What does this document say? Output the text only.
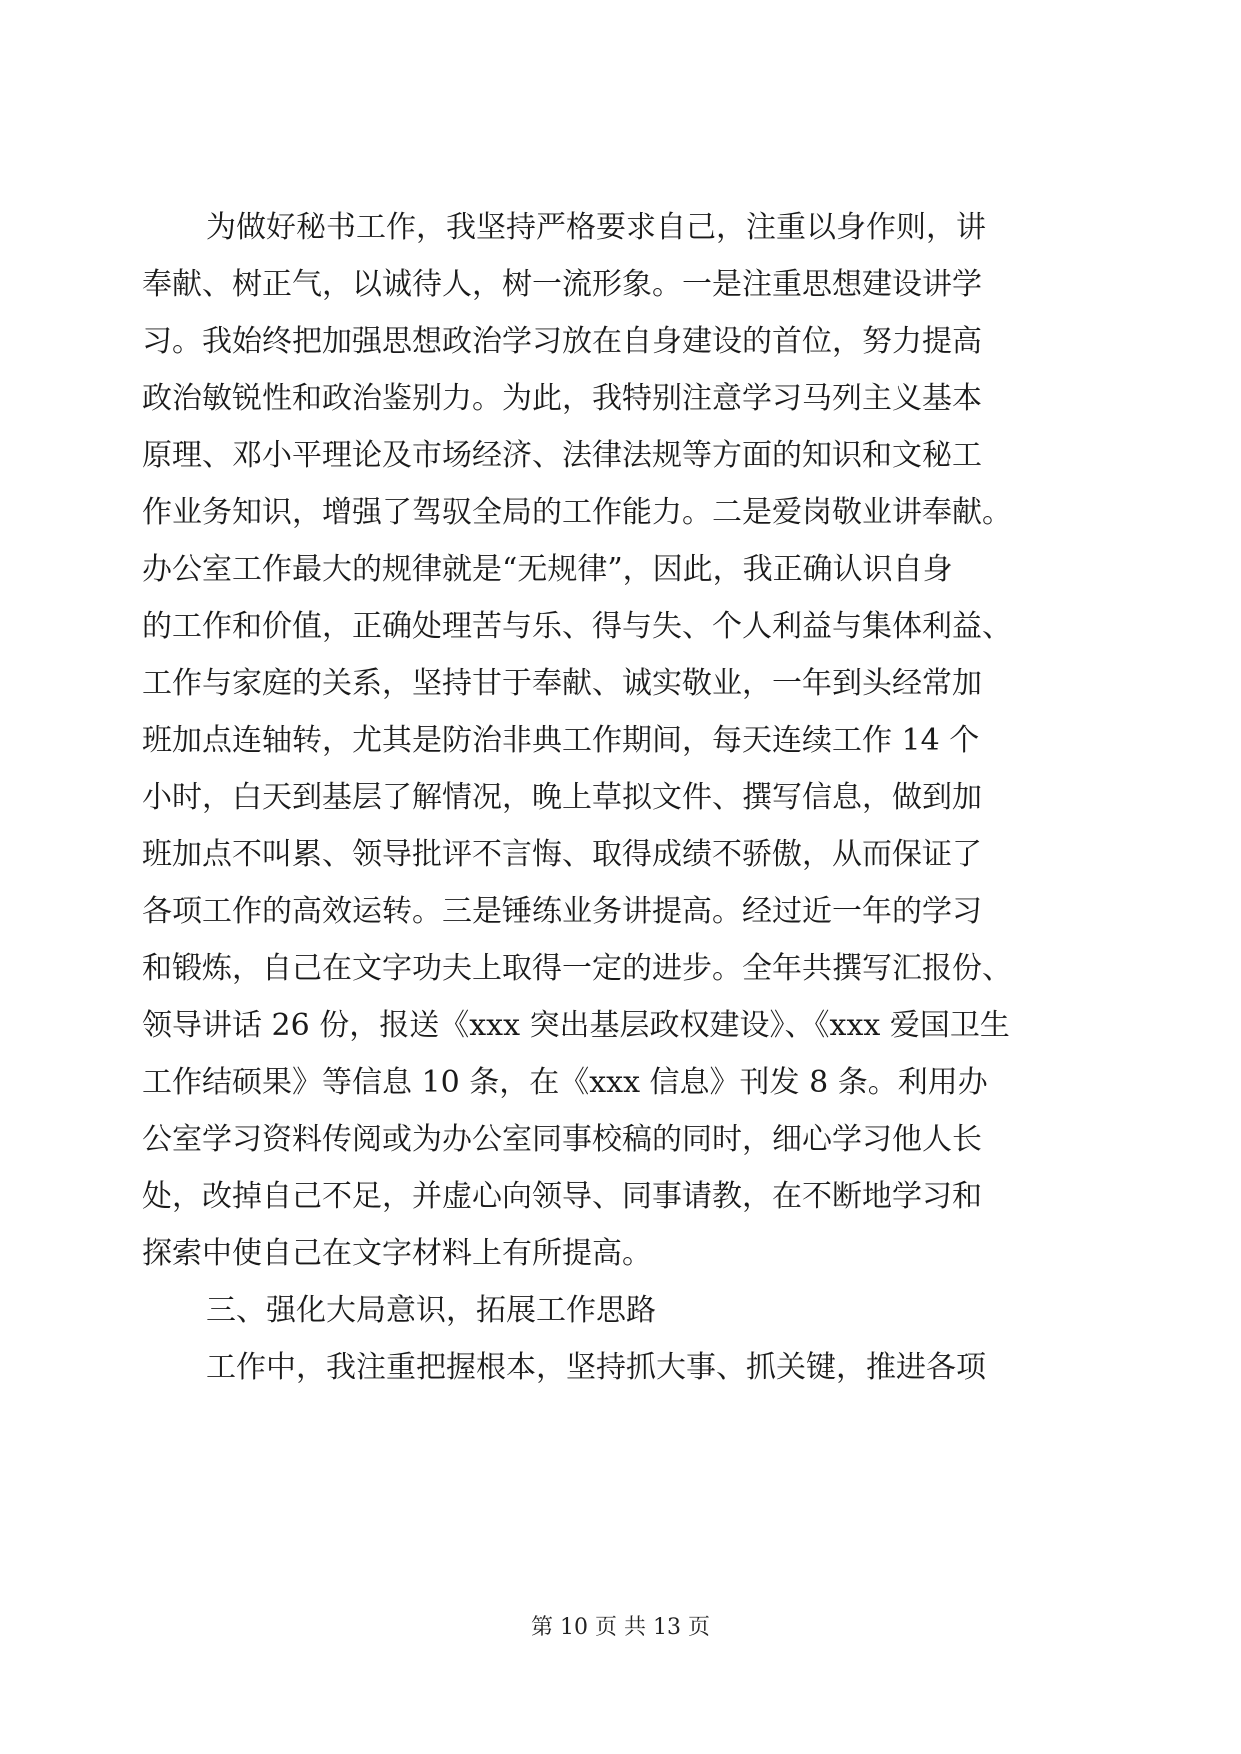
为做好秘书工作，我坚持严格要求自己，注重以身作则，讲
奉献、树正气，以诚待人，树一流形象。一是注重思想建设讲学
习。我始终把加强思想政治学习放在自身建设的首位，努力提高
政治敏锐性和政治鉴别力。为此，我特别注意学习马列主义基本
原理、邓小平理论及市场经济、法律法规等方面的知识和文秘工
作业务知识，增强了驾驭全局的工作能力。二是爱岗敬业讲奉献。
办公室工作最大的规律就是“无规律”，因此，我正确认识自身
的工作和价值，正确处理苦与乐、得与失、个人利益与集体利益、
工作与家庭的关系，坚持甘于奉献、诚实敬业，一年到头经常加
班加点连轴转，尤其是防治非典工作期间，每天连续工作 14 个
小时，白天到基层了解情况，晚上草拟文件、撰写信息，做到加
班加点不叫累、领导批评不言悔、取得成绩不骄傲，从而保证了
各项工作的高效运转。三是锤练业务讲提高。经过近一年的学习
和锻炼，自己在文字功夫上取得一定的进步。全年共撰写汇报份、
领导讲话 26 份，报送《xxx 突出基层政权建设》、《xxx 爱国卫生
工作结硕果》等信息 10 条，在《xxx 信息》刊发 8 条。利用办
公室学习资料传阅或为办公室同事校稿的同时，细心学习他人长
处，改掉自己不足，并虚心向领导、同事请教，在不断地学习和
探索中使自己在文字材料上有所提高。
三、强化大局意识，拓展工作思路
工作中，我注重把握根本，坚持抓大事、抓关键，推进各项
第 10 页 共 13 页
